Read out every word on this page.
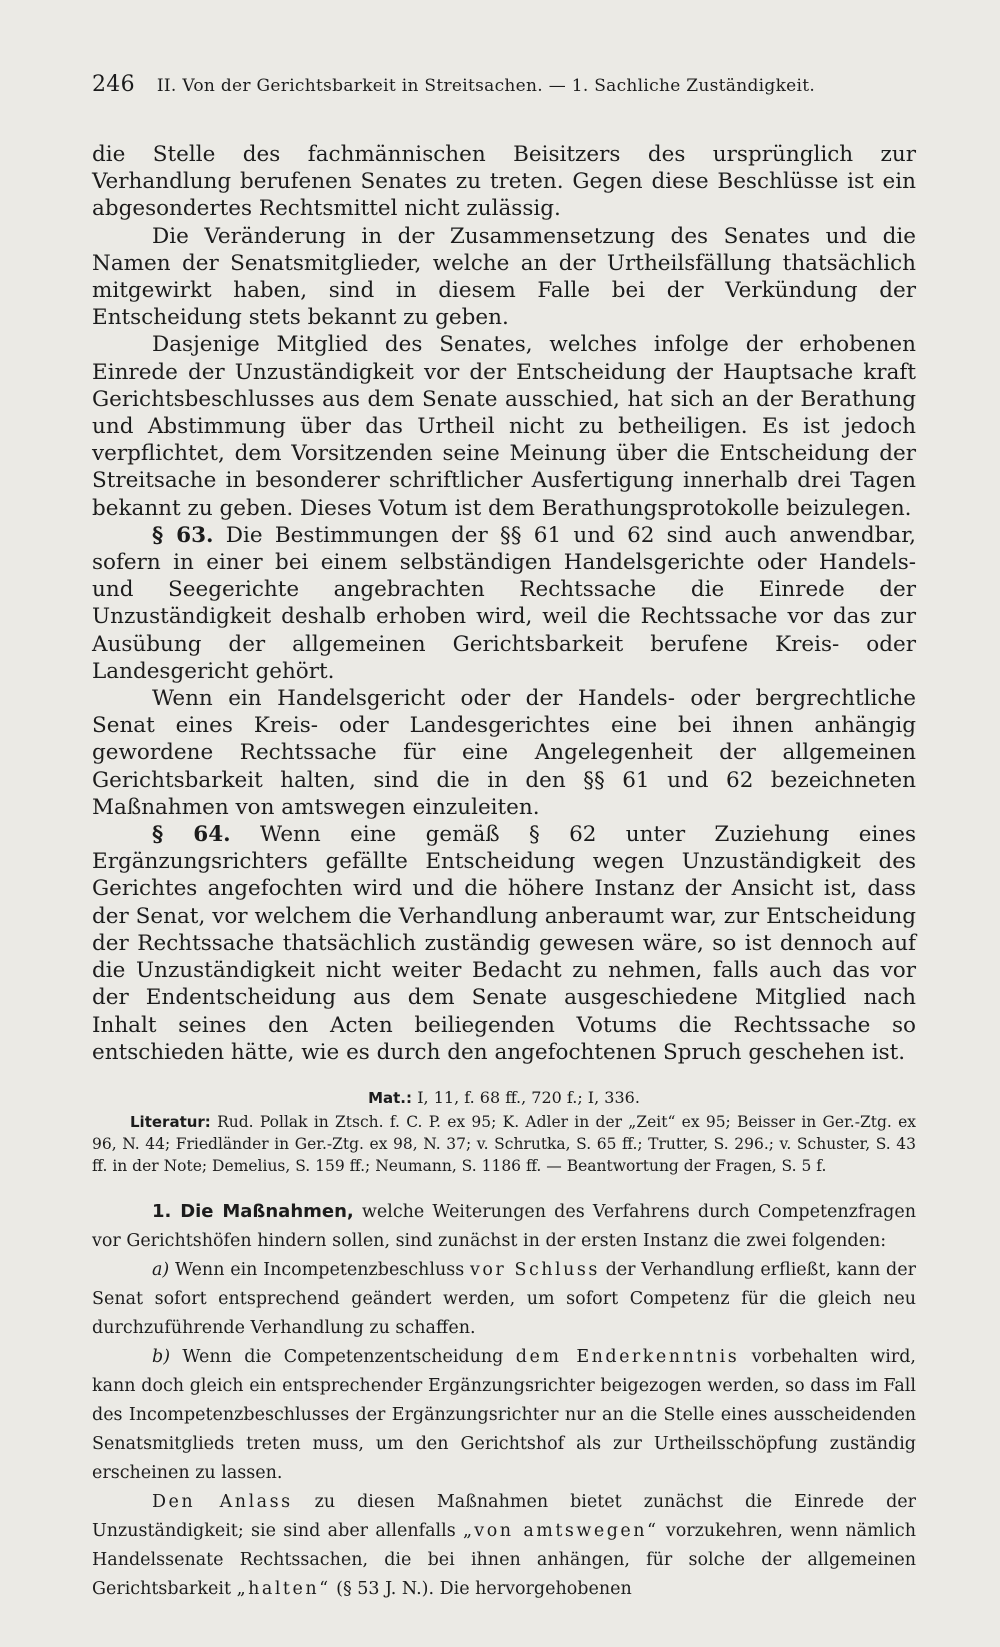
246 II. Von der Gerichtsbarkeit in Streitsachen. — 1. Sachliche Zuständigkeit.

die Stelle des fachmännischen Beisitzers des ursprünglich zur Verhandlung berufenen Senates zu treten. Gegen diese Beschlüsse ist ein abgesondertes Rechtsmittel nicht zulässig.

Die Veränderung in der Zusammensetzung des Senates und die Namen der Senatsmitglieder, welche an der Urtheilsfällung thatsächlich mitgewirkt haben, sind in diesem Falle bei der Verkündung der Entscheidung stets bekannt zu geben.

Dasjenige Mitglied des Senates, welches infolge der erhobenen Einrede der Unzuständigkeit vor der Entscheidung der Hauptsache kraft Gerichtsbeschlusses aus dem Senate ausschied, hat sich an der Berathung und Abstimmung über das Urtheil nicht zu betheiligen. Es ist jedoch verpflichtet, dem Vorsitzenden seine Meinung über die Entscheidung der Streitsache in besonderer schriftlicher Ausfertigung innerhalb drei Tagen bekannt zu geben. Dieses Votum ist dem Berathungsprotokolle beizulegen.

§ 63. Die Bestimmungen der §§ 61 und 62 sind auch anwendbar, sofern in einer bei einem selbständigen Handelsgerichte oder Handels- und Seegerichte angebrachten Rechtssache die Einrede der Unzuständigkeit deshalb erhoben wird, weil die Rechtssache vor das zur Ausübung der allgemeinen Gerichtsbarkeit berufene Kreis- oder Landesgericht gehört.

Wenn ein Handelsgericht oder der Handels- oder bergrechtliche Senat eines Kreis- oder Landesgerichtes eine bei ihnen anhängig gewordene Rechtssache für eine Angelegenheit der allgemeinen Gerichtsbarkeit halten, sind die in den §§ 61 und 62 bezeichneten Maßnahmen von amtswegen einzuleiten.

§ 64. Wenn eine gemäß § 62 unter Zuziehung eines Ergänzungsrichters gefällte Entscheidung wegen Unzuständigkeit des Gerichtes angefochten wird und die höhere Instanz der Ansicht ist, dass der Senat, vor welchem die Verhandlung anberaumt war, zur Entscheidung der Rechtssache thatsächlich zuständig gewesen wäre, so ist dennoch auf die Unzuständigkeit nicht weiter Bedacht zu nehmen, falls auch das vor der Endentscheidung aus dem Senate ausgeschiedene Mitglied nach Inhalt seines den Acten beiliegenden Votums die Rechtssache so entschieden hätte, wie es durch den angefochtenen Spruch geschehen ist.

Mat.: I, 11, f. 68 ff., 720 f.; I, 336.
Literatur: Rud. Pollak in Ztsch. f. C. P. ex 95; K. Adler in der „Zeit“ ex 95; Beisser in Ger.-Ztg. ex 96, N. 44; Friedländer in Ger.-Ztg. ex 98, N. 37; v. Schrutka, S. 65 ff.; Trutter, S. 296.; v. Schuster, S. 43 ff. in der Note; Demelius, S. 159 ff.; Neumann, S. 1186 ff. — Beantwortung der Fragen, S. 5 f.

1. Die Maßnahmen, welche Weiterungen des Verfahrens durch Competenzfragen vor Gerichtshöfen hindern sollen, sind zunächst in der ersten Instanz die zwei folgenden:

a) Wenn ein Incompetenzbeschluss vor Schluss der Verhandlung erfließt, kann der Senat sofort entsprechend geändert werden, um sofort Competenz für die gleich neu durchzuführende Verhandlung zu schaffen.

b) Wenn die Competenzentscheidung dem Enderkenntnis vorbehalten wird, kann doch gleich ein entsprechender Ergänzungsrichter beigezogen werden, so dass im Fall des Incompetenzbeschlusses der Ergänzungsrichter nur an die Stelle eines ausscheidenden Senatsmitglieds treten muss, um den Gerichtshof als zur Urtheilsschöpfung zuständig erscheinen zu lassen.

Den Anlass zu diesen Maßnahmen bietet zunächst die Einrede der Unzuständigkeit; sie sind aber allenfalls „von amtswegen“ vorzukehren, wenn nämlich Handelssenate Rechtssachen, die bei ihnen anhängen, für solche der allgemeinen Gerichtsbarkeit „halten“ (§ 53 J. N.). Die hervorgehobenen
